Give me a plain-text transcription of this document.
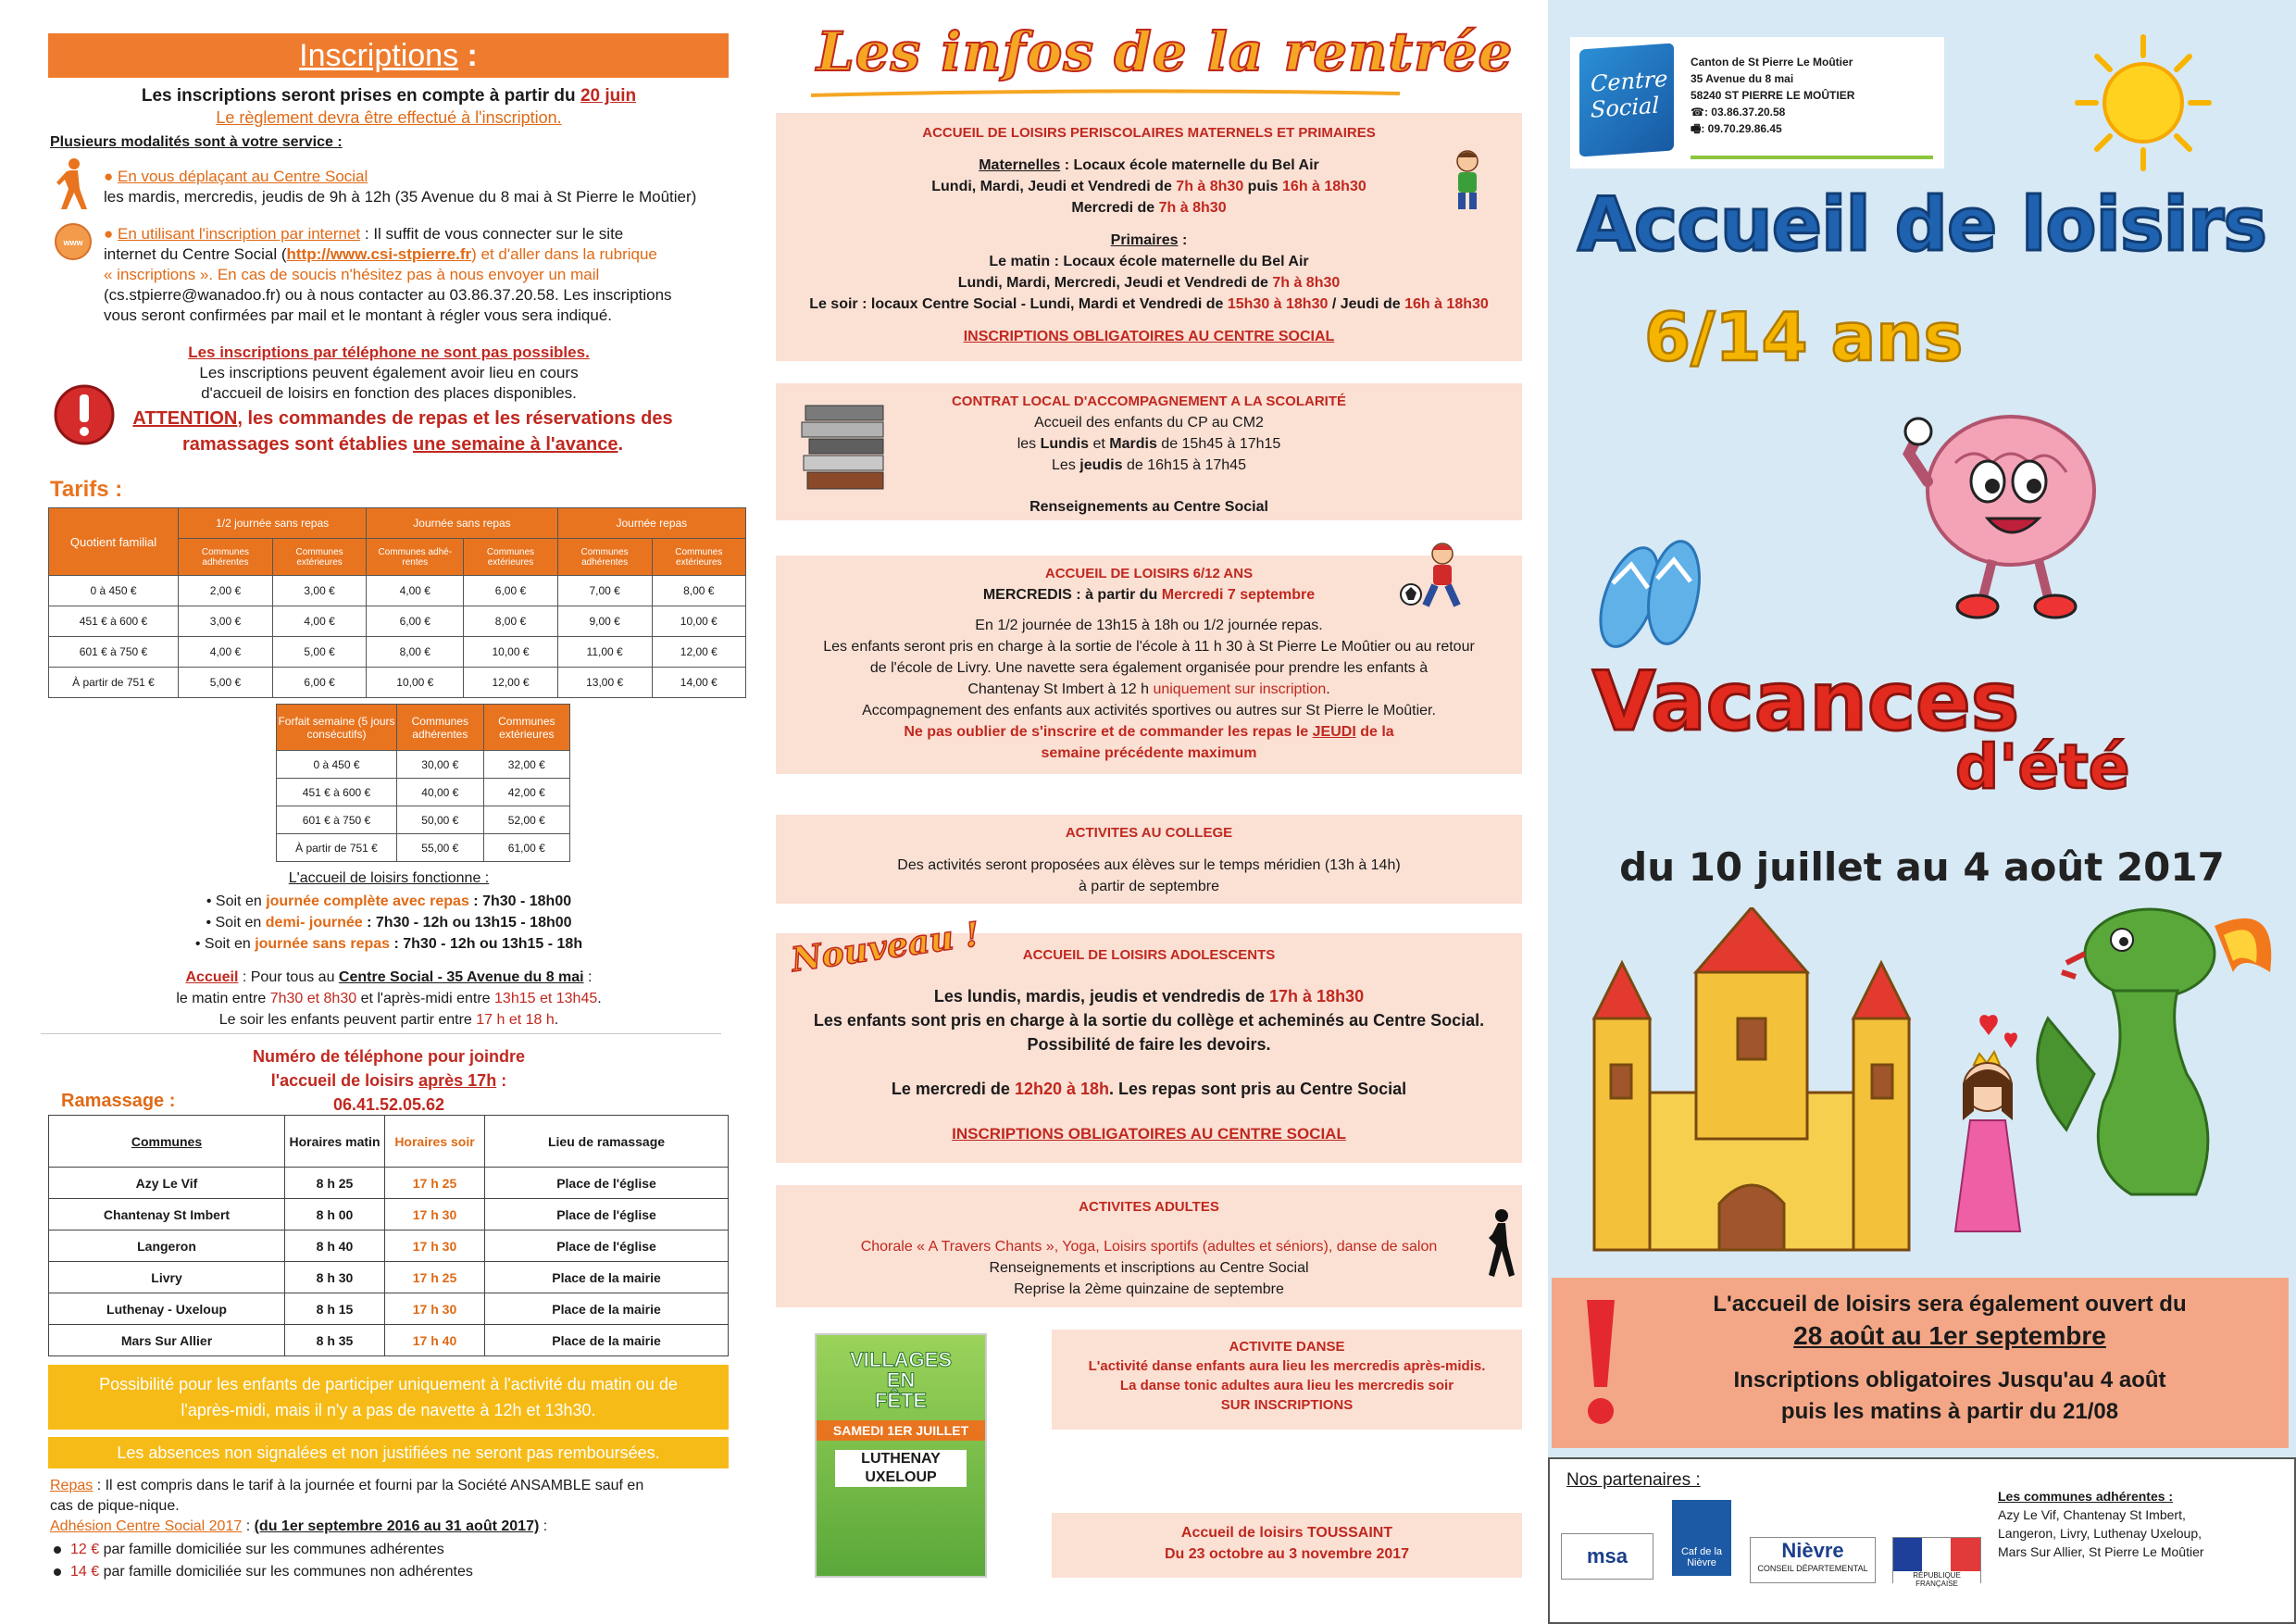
Inscriptions :
Les inscriptions seront prises en compte à partir du 20 juin
Le règlement devra être effectué à l'inscription.
Plusieurs modalités sont à votre service :
● En vous déplaçant au Centre Social
les mardis, mercredis, jeudis de 9h à 12h (35 Avenue du 8 mai à St Pierre le Moûtier)
www ● En utilisant l'inscription par internet : Il suffit de vous connecter sur le site
internet du Centre Social (http://www.csi-stpierre.fr) et d'aller dans la rubrique
« inscriptions ». En cas de soucis n'hésitez pas à nous envoyer un mail
(cs.stpierre@wanadoo.fr) ou à nous contacter au 03.86.37.20.58. Les inscriptions
vous seront confirmées par mail et le montant à régler vous sera indiqué.
Les inscriptions par téléphone ne sont pas possibles.
Les inscriptions peuvent également avoir lieu en cours
d'accueil de loisirs en fonction des places disponibles.
ATTENTION, les commandes de repas et les réservations des
ramassages sont établies une semaine à l'avance.
Tarifs :
Quotient familial	1/2 journée sans repas		Journée sans repas		Journée repas	
	Communes adhérentes	Communes extérieures	Communes adhé-rentes	Communes extérieures	Communes adhérentes	Communes extérieures
0 à 450 €	2,00 €	3,00 €	4,00 €	6,00 €	7,00 €	8,00 €
451 € à 600 €	3,00 €	4,00 €	6,00 €	8,00 €	9,00 €	10,00 €
601 € à 750 €	4,00 €	5,00 €	8,00 €	10,00 €	11,00 €	12,00 €
À partir de 751 €	5,00 €	6,00 €	10,00 €	12,00 €	13,00 €	14,00 €
Forfait semaine (5 jours consécutifs)	Communes adhérentes	Communes extérieures
0 à 450 €	30,00 €	32,00 €
451 € à 600 €	40,00 €	42,00 €
601 € à 750 €	50,00 €	52,00 €
À partir de 751 €	55,00 €	61,00 €
L'accueil de loisirs fonctionne :
• Soit en journée complète avec repas : 7h30 - 18h00
• Soit en demi- journée : 7h30 - 12h ou 13h15 - 18h00
• Soit en journée sans repas : 7h30 - 12h ou 13h15 - 18h
Accueil : Pour tous au Centre Social - 35 Avenue du 8 mai :
le matin entre 7h30 et 8h30 et l'après-midi entre 13h15 et 13h45.
Le soir les enfants peuvent partir entre 17 h et 18 h.
Numéro de téléphone pour joindre
l'accueil de loisirs après 17h :
06.41.52.05.62
Ramassage :
Communes	Horaires matin	Horaires soir	Lieu de ramassage
Azy Le Vif	8 h 25	17 h 25	Place de l'église
Chantenay St Imbert	8 h 00	17 h 30	Place de l'église
Langeron	8 h 40	17 h 30	Place de l'église
Livry	8 h 30	17 h 25	Place de la mairie
Luthenay - Uxeloup	8 h 15	17 h 30	Place de la mairie
Mars Sur Allier	8 h 35	17 h 40	Place de la mairie
Possibilité pour les enfants de participer uniquement à l'activité du matin ou de
l'après-midi, mais il n'y a pas de navette à 12h et 13h30.
Les absences non signalées et non justifiées ne seront pas remboursées.
Repas : Il est compris dans le tarif à la journée et fourni par la Société ANSAMBLE sauf en
cas de pique-nique.
Adhésion Centre Social 2017 : (du 1er septembre 2016 au 31 août 2017) :
12 € par famille domiciliée sur les communes adhérentes
14 € par famille domiciliée sur les communes non adhérentes
Les infos de la rentrée
ACCUEIL DE LOISIRS PERISCOLAIRES MATERNELS ET PRIMAIRES
Maternelles : Locaux école maternelle du Bel Air
Lundi, Mardi, Jeudi et Vendredi de 7h à 8h30 puis 16h à 18h30
Mercredi de 7h à 8h30
Primaires :
Le matin : Locaux école maternelle du Bel Air
Lundi, Mardi, Mercredi, Jeudi et Vendredi de 7h à 8h30
Le soir : locaux Centre Social - Lundi, Mardi et Vendredi de 15h30 à 18h30 / Jeudi de 16h à 18h30
INSCRIPTIONS OBLIGATOIRES AU CENTRE SOCIAL
CONTRAT LOCAL D'ACCOMPAGNEMENT A LA SCOLARITÉ
Accueil des enfants du CP au CM2
les Lundis et Mardis de 15h45 à 17h15
Les jeudis de 16h15 à 17h45
Renseignements au Centre Social
ACCUEIL DE LOISIRS 6/12 ANS
MERCREDIS : à partir du Mercredi 7 septembre
En 1/2 journée de 13h15 à 18h ou 1/2 journée repas.
Les enfants seront pris en charge à la sortie de l'école à 11 h 30 à St Pierre Le Moûtier ou au retour
de l'école de Livry. Une navette sera également organisée pour prendre les enfants à
Chantenay St Imbert à 12 h uniquement sur inscription.
Accompagnement des enfants aux activités sportives ou autres sur St Pierre le Moûtier.
Ne pas oublier de s'inscrire et de commander les repas le JEUDI de la
semaine précédente maximum
ACTIVITES AU COLLEGE
Des activités seront proposées aux élèves sur le temps méridien (13h à 14h)
à partir de septembre
ACCUEIL DE LOISIRS ADOLESCENTS
Les lundis, mardis, jeudis et vendredis de 17h à 18h30
Les enfants sont pris en charge à la sortie du collège et acheminés au Centre Social.
Possibilité de faire les devoirs.
Le mercredi de 12h20 à 18h. Les repas sont pris au Centre Social
INSCRIPTIONS OBLIGATOIRES AU CENTRE SOCIAL
Nouveau !
ACTIVITES ADULTES
Chorale « A Travers Chants », Yoga, Loisirs sportifs (adultes et séniors), danse de salon
Renseignements et inscriptions au Centre Social
Reprise la 2ème quinzaine de septembre
VILLAGES
EN
FÊTE
SAMEDI 1ER JUILLET
LUTHENAY
UXELOUP
ACTIVITE DANSE
L'activité danse enfants aura lieu les mercredis après-midis.
La danse tonic adultes aura lieu les mercredis soir
SUR INSCRIPTIONS
Accueil de loisirs TOUSSAINT
Du 23 octobre au 3 novembre 2017
Centre
Social
Canton de St Pierre Le Moûtier
35 Avenue du 8 mai
58240 ST PIERRE LE MOÛTIER
☎: 03.86.37.20.58
🖷: 09.70.29.86.45
Accueil de loisirs
6/14 ans
Vacances
d'été
du 10 juillet au 4 août 2017
L'accueil de loisirs sera également ouvert du
28 août au 1er septembre
Inscriptions obligatoires Jusqu'au 4 août
puis les matins à partir du 21/08
Nos partenaires :
msa	Caf de la Nièvre
Nièvre
CONSEIL DÉPARTEMENTAL
RÉPUBLIQUE FRANÇAISE
Les communes adhérentes :
Azy Le Vif, Chantenay St Imbert,
Langeron, Livry, Luthenay Uxeloup,
Mars Sur Allier, St Pierre Le Moûtier
